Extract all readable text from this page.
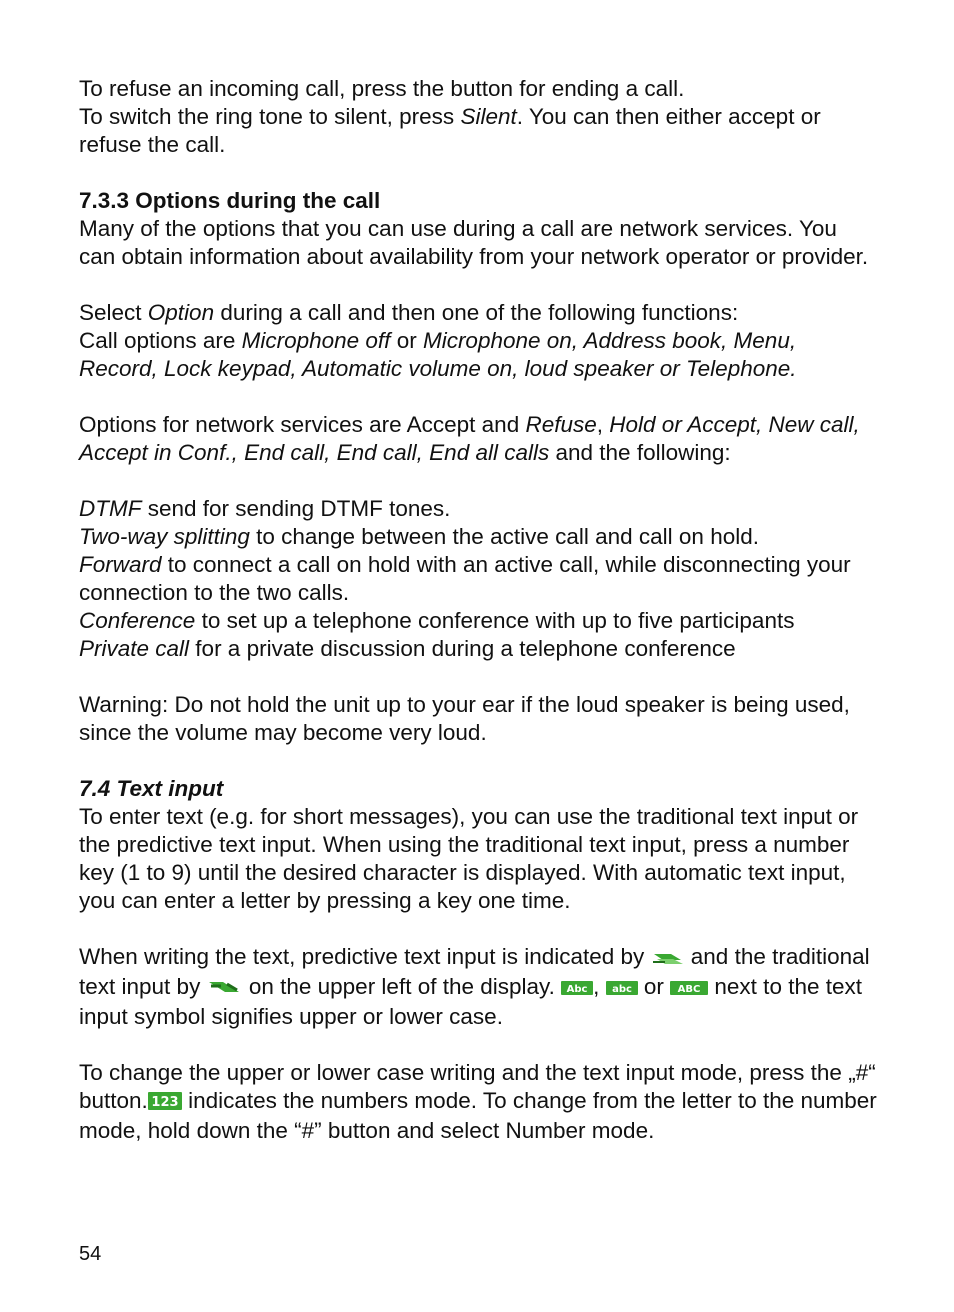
To refuse an incoming call, press the button for ending a call.
To switch the ring tone to silent, press Silent. You can then either accept or refuse the call.

7.3.3 Options during the call

Many of the options that you can use during a call are network services. You can obtain information about availability from your network operator or provider.

Select Option during a call and then one of the following functions:
Call options are Microphone off or Microphone on, Address book, Menu, Record, Lock keypad, Automatic volume on, loud speaker or Telephone.

Options for network services are Accept and Refuse, Hold or Accept, New call, Accept in Conf., End call, End call, End all calls and the following:

DTMF send for sending DTMF tones.
Two-way splitting to change between the active call and call on hold.
Forward to connect a call on hold with an active call, while disconnecting your connection to the two calls.
Conference to set up a telephone conference with up to five participants
Private call for a private discussion during a telephone conference

Warning: Do not hold the unit up to your ear if the loud speaker is being used, since the volume may become very loud.

7.4 Text input

To enter text (e.g. for short messages), you can use the traditional text input or the predictive text input. When using the traditional text input, press a number key (1 to 9) until the desired character is displayed. With automatic text input, you can enter a letter by pressing a key one time.

When writing the text, predictive text input is indicated by  and the traditional text input by  on the upper left of the display. Abc , abc or ABC next to the text input symbol signifies upper or lower case.

To change the upper or lower case writing and the text input mode, press the „#“ button. 123 indicates the numbers mode. To change from the letter to the number mode, hold down the “#” button and select Number mode.

54
